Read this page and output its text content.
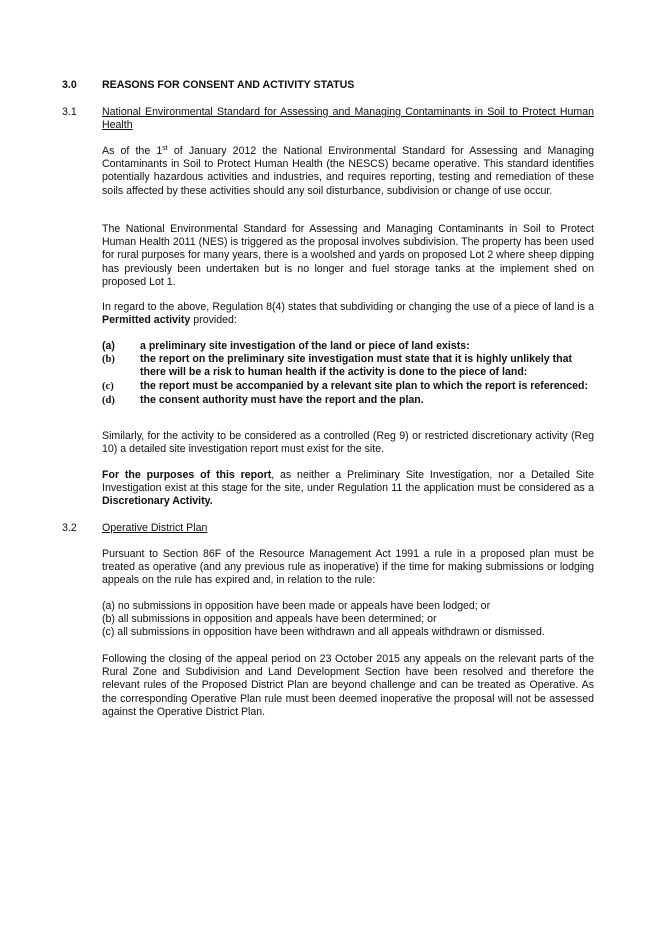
3.0 REASONS FOR CONSENT AND ACTIVITY STATUS
3.1 National Environmental Standard for Assessing and Managing Contaminants in Soil to Protect Human Health

As of the 1st of January 2012 the National Environmental Standard for Assessing and Managing Contaminants in Soil to Protect Human Health (the NESCS) became operative. This standard identifies potentially hazardous activities and industries, and requires reporting, testing and remediation of these soils affected by these activities should any soil disturbance, subdivision or change of use occur.

The National Environmental Standard for Assessing and Managing Contaminants in Soil to Protect Human Health 2011 (NES) is triggered as the proposal involves subdivision. The property has been used for rural purposes for many years, there is a woolshed and yards on proposed Lot 2 where sheep dipping has previously been undertaken but is no longer and fuel storage tanks at the implement shed on proposed Lot 1.

In regard to the above, Regulation 8(4) states that subdividing or changing the use of a piece of land is a Permitted activity provided:

(a)	a preliminary site investigation of the land or piece of land exists:
(b)	the report on the preliminary site investigation must state that it is highly unlikely that there will be a risk to human health if the activity is done to the piece of land:
(c)	the report must be accompanied by a relevant site plan to which the report is referenced:
(d)	the consent authority must have the report and the plan.

Similarly, for the activity to be considered as a controlled (Reg 9) or restricted discretionary activity (Reg 10) a detailed site investigation report must exist for the site.

For the purposes of this report, as neither a Preliminary Site Investigation, nor a Detailed Site Investigation exist at this stage for the site, under Regulation 11 the application must be considered as a Discretionary Activity.

3.2 Operative District Plan

Pursuant to Section 86F of the Resource Management Act 1991 a rule in a proposed plan must be treated as operative (and any previous rule as inoperative) if the time for making submissions or lodging appeals on the rule has expired and, in relation to the rule:

(a) no submissions in opposition have been made or appeals have been lodged; or
(b) all submissions in opposition and appeals have been determined; or
(c) all submissions in opposition have been withdrawn and all appeals withdrawn or dismissed.

Following the closing of the appeal period on 23 October 2015 any appeals on the relevant parts of the Rural Zone and Subdivision and Land Development Section have been resolved and therefore the relevant rules of the Proposed District Plan are beyond challenge and can be treated as Operative. As the corresponding Operative Plan rule must been deemed inoperative the proposal will not be assessed against the Operative District Plan.
